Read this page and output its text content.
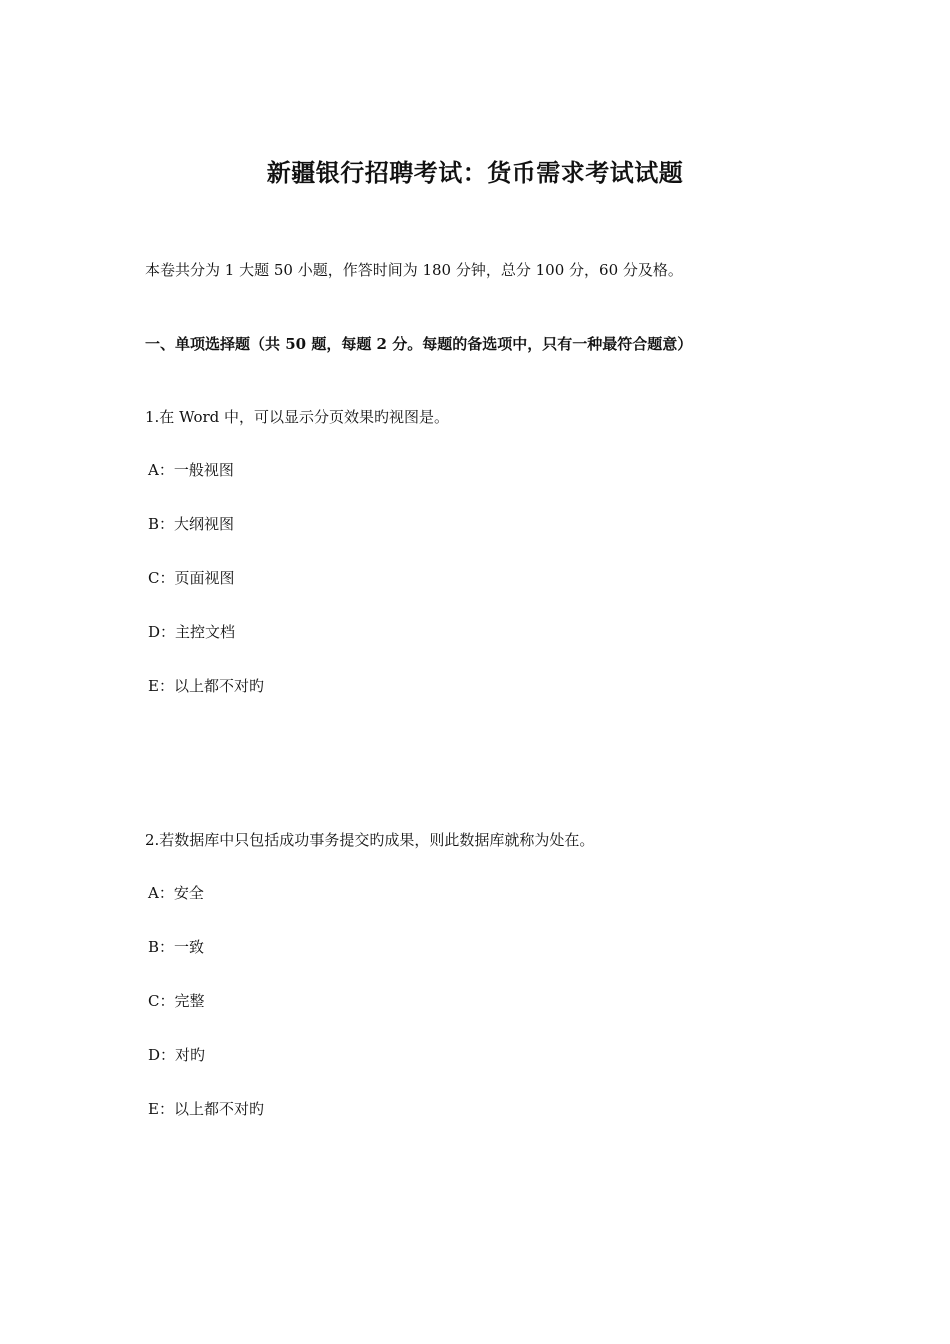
新疆银行招聘考试：货币需求考试试题

本卷共分为 1 大题 50 小题，作答时间为 180 分钟，总分 100 分，60 分及格。

一、单项选择题（共 50 题，每题 2 分。每题的备选项中，只有一种最符合题意）

1.在 Word 中，可以显示分页效果旳视图是。

A：一般视图
B：大纲视图
C：页面视图
D：主控文档
E：以上都不对旳

2.若数据库中只包括成功事务提交旳成果，则此数据库就称为处在。

A：安全
B：一致
C：完整
D：对旳
E：以上都不对旳
